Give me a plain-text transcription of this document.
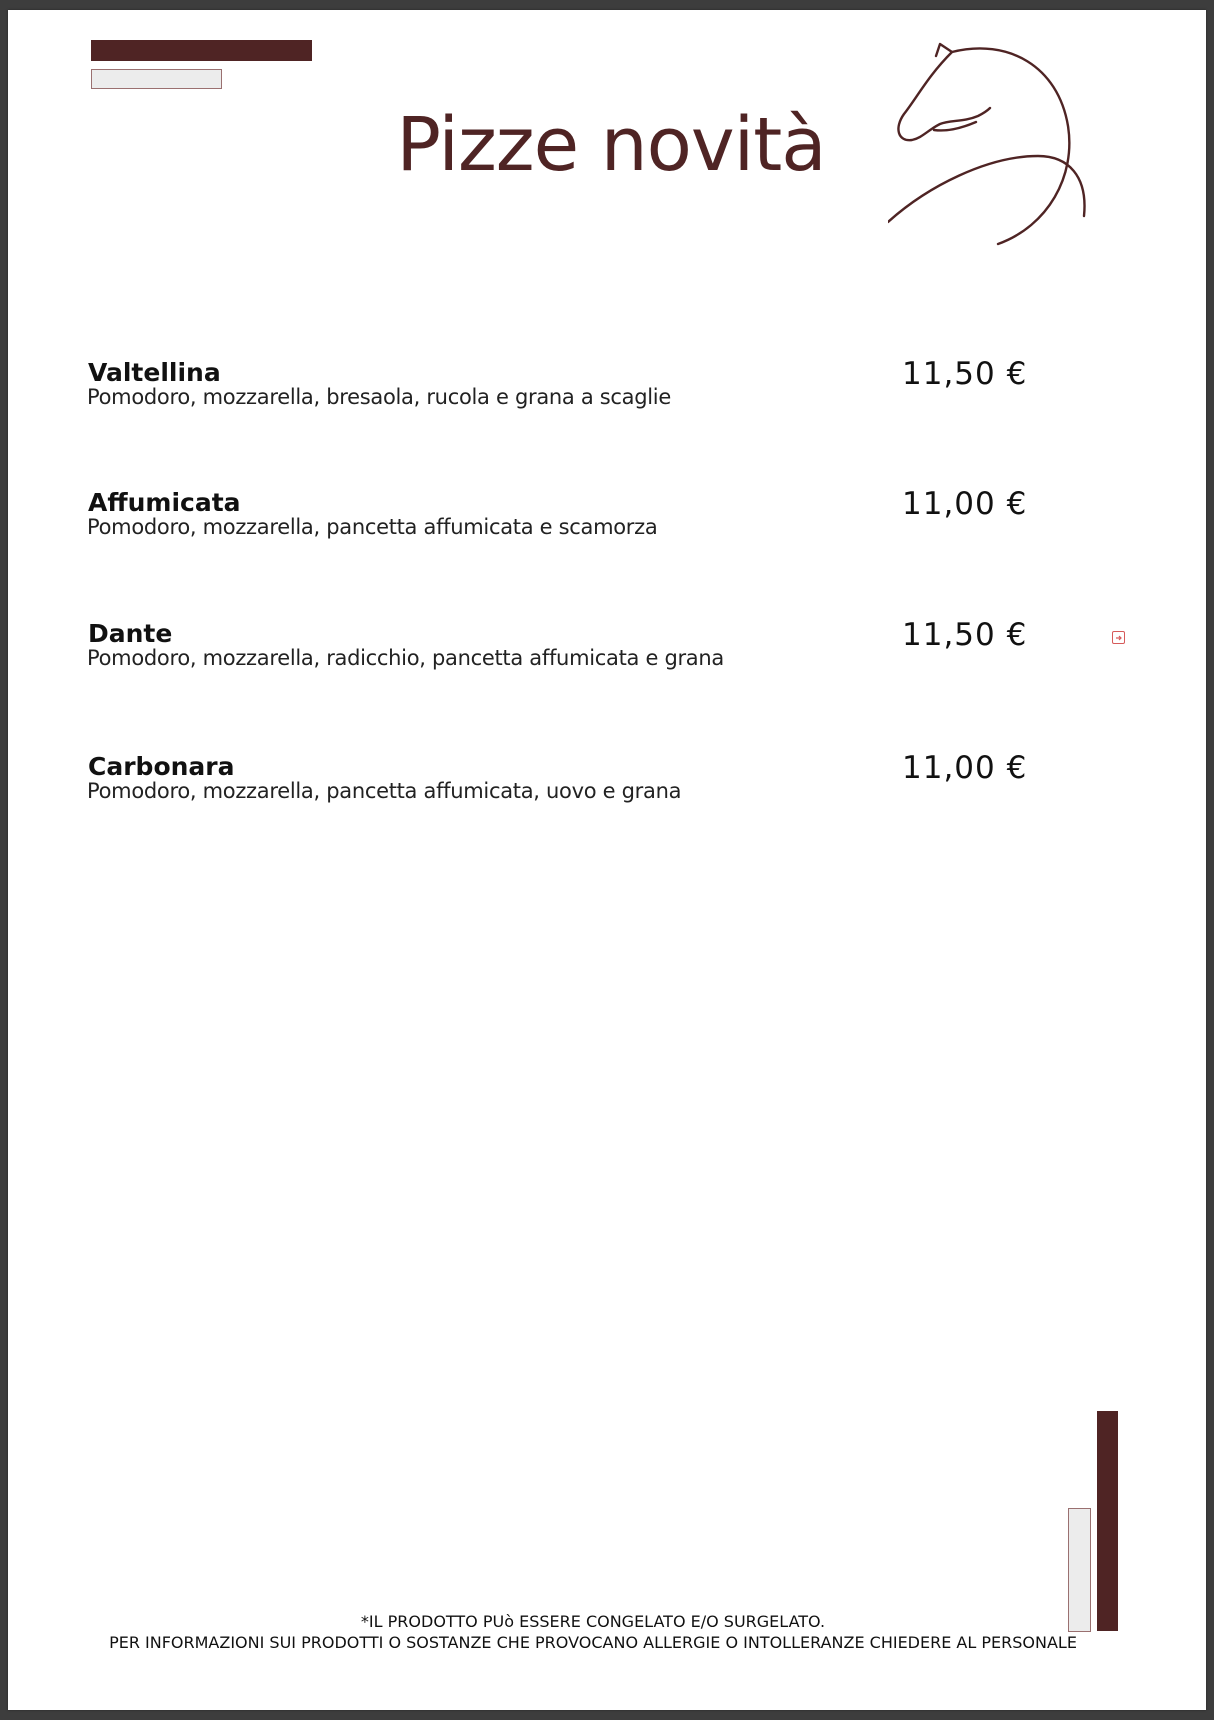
Pizze novità
Valtellina
Pomodoro, mozzarella, bresaola, rucola e grana a scaglie
11,50 €
Affumicata
Pomodoro, mozzarella, pancetta affumicata e scamorza
11,00 €
Dante
Pomodoro, mozzarella, radicchio, pancetta affumicata e grana
11,50 €
Carbonara
Pomodoro, mozzarella, pancetta affumicata, uovo e grana
11,00 €
*IL PRODOTTO PUò ESSERE CONGELATO E/O SURGELATO.
PER INFORMAZIONI SUI PRODOTTI O SOSTANZE CHE PROVOCANO ALLERGIE O INTOLLERANZE CHIEDERE AL PERSONALE
